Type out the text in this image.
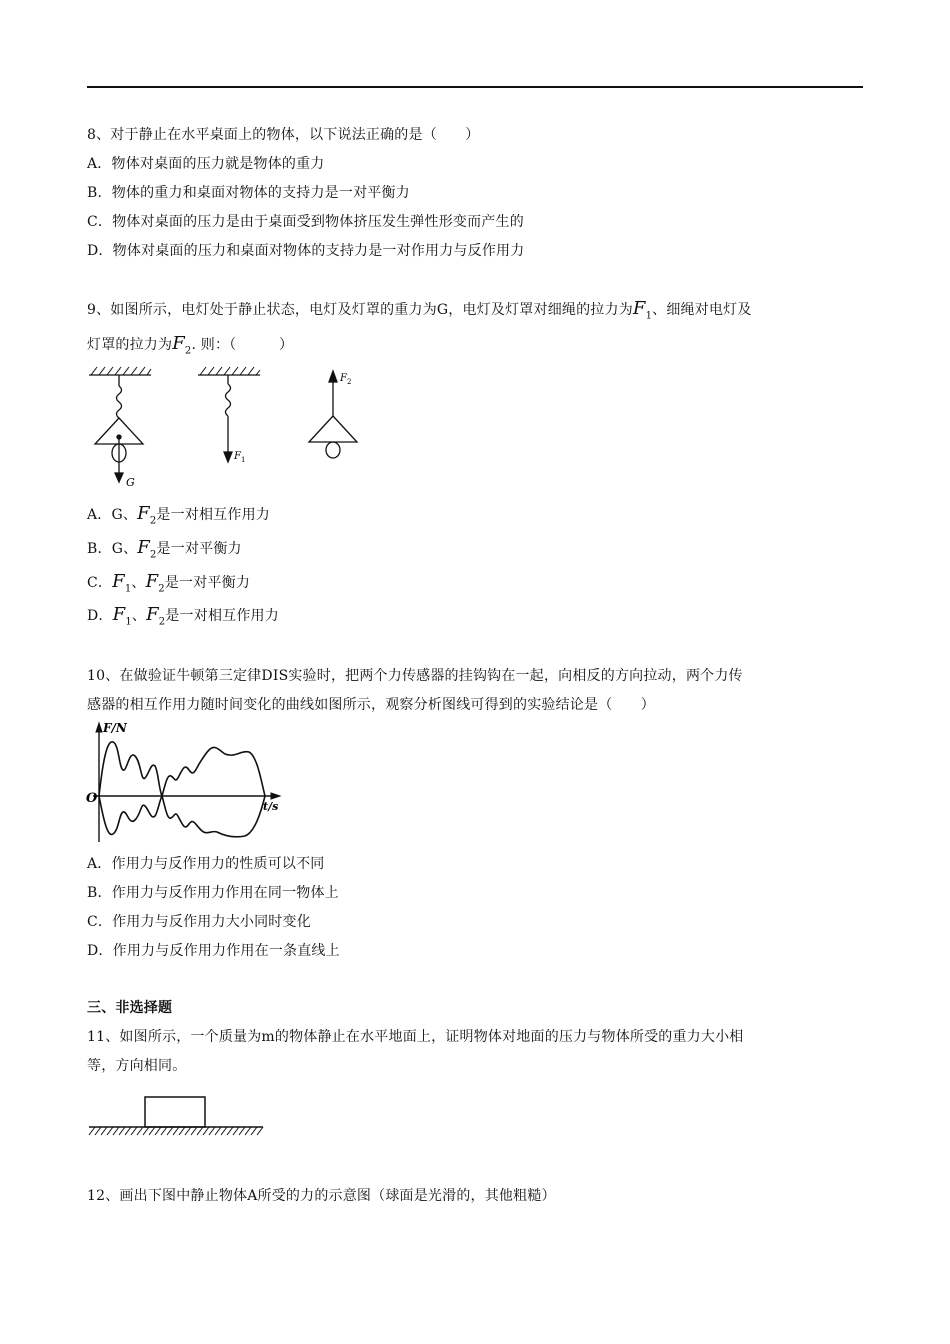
8、对于静止在水平桌面上的物体，以下说法正确的是（　　）
A．物体对桌面的压力就是物体的重力
B．物体的重力和桌面对物体的支持力是一对平衡力
C．物体对桌面的压力是由于桌面受到物体挤压发生弹性形变而产生的
D．物体对桌面的压力和桌面对物体的支持力是一对作用力与反作用力
9、如图所示，电灯处于静止状态，电灯及灯罩的重力为G，电灯及灯罩对细绳的拉力为$F_1$、细绳对电灯及
灯罩的拉力为$F_2$. 则：（　　　）
G
$F_1$
$F_2$
A．G、$F_2$是一对相互作用力
B．G、$F_2$是一对平衡力
C．$F_1$、$F_2$是一对平衡力
D．$F_1$、$F_2$是一对相互作用力
10、在做验证牛顿第三定律DIS实验时，把两个力传感器的挂钩钩在一起，向相反的方向拉动，两个力传
感器的相互作用力随时间变化的曲线如图所示，观察分析图线可得到的实验结论是（　　）
F/N
t/s
O
A．作用力与反作用力的性质可以不同
B．作用力与反作用力作用在同一物体上
C．作用力与反作用力大小同时变化
D．作用力与反作用力作用在一条直线上
三、非选择题
11、如图所示，一个质量为m的物体静止在水平地面上，证明物体对地面的压力与物体所受的重力大小相
等，方向相同。
12、画出下图中静止物体A所受的力的示意图（球面是光滑的，其他粗糙）
